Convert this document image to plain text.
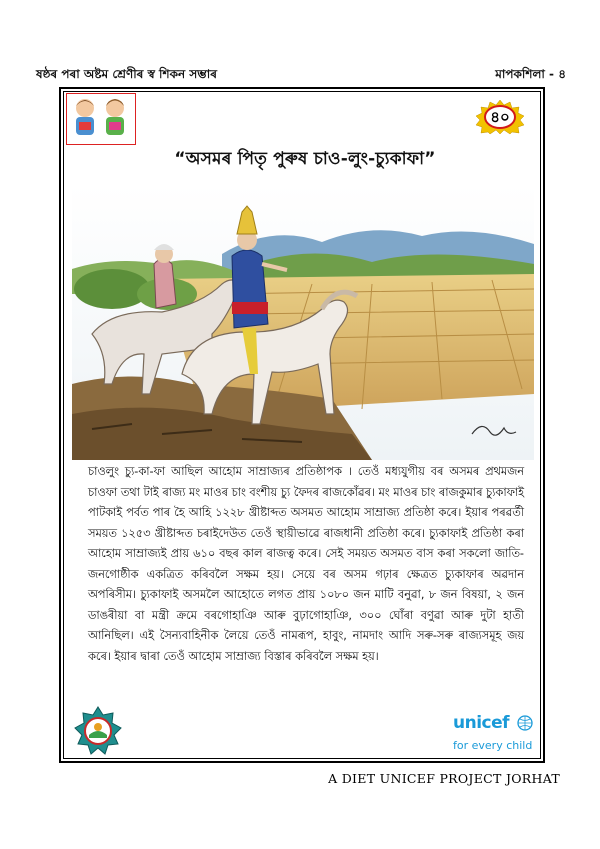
ষষ্ঠৰ পৰা অষ্টম শ্ৰেণীৰ স্ব শিকন সম্ভাৰ	মাপকশিলা - ৪
৪০
“অসমৰ পিতৃ পুৰুষ চাও-লুং-চ্যুকাফা”
চাওলুং চ্যু-কা-ফা আছিল আহোম সাম্ৰাজ্যৰ প্ৰতিষ্ঠাপক । তেওঁ মধ্যযুগীয় বৰ অসমৰ প্ৰথমজন চাওফা তথা টাই ৰাজ্য মং মাওৰ চাং বংশীয় চ্যু ফৈদৰ ৰাজকোঁৱৰ। মং মাওৰ চাং ৰাজকুমাৰ চ্যুকাফাই পাটকাই পৰ্বত পাৰ হৈ আহি ১২২৮ খ্ৰীষ্টাব্দত অসমত আহোম সাম্ৰাজ্য প্ৰতিষ্ঠা কৰে। ইয়াৰ পৰৱৰ্তী সময়ত ১২৫৩ খ্ৰীষ্টাব্দত চৰাইদেউত তেওঁ স্থায়ীভাৱে ৰাজধানী প্ৰতিষ্ঠা কৰে। চ্যুকাফাই প্ৰতিষ্ঠা কৰা আহোম সাম্ৰাজ্যই প্ৰায় ৬১০ বছৰ কাল ৰাজত্ব কৰে। সেই সময়ত অসমত বাস কৰা সকলো জাতি-জনগোষ্ঠীক একত্ৰিত কৰিবলৈ সক্ষম হয়। সেয়ে বৰ অসম গঢ়াৰ ক্ষেত্ৰত চ্যুকাফাৰ অৱদান অপৰিসীম। চ্যুকাফাই অসমলৈ আহোতে লগত প্ৰায় ১০৮০ জন মাটি বনুৱা, ৮ জন বিষয়া, ২ জন ডাঙৰীয়া বা মন্ত্ৰী ক্ৰমে বৰগোহাঞি আৰু বুঢ়াগোহাঞি, ৩০০ ঘোঁৰা বণুৱা আৰু দুটা হাতী আনিছিল। এই সৈন্যবাহিনীক লৈয়ে তেওঁ নামৰূপ, হাবুং, নামদাং আদি সৰু-সৰু ৰাজ্যসমূহ জয় কৰে। ইয়াৰ দ্বাৰা তেওঁ আহোম সাম্ৰাজ্য বিস্তাৰ কৰিবলৈ সক্ষম হয়।
unicef
for every child
A DIET UNICEF PROJECT JORHAT
